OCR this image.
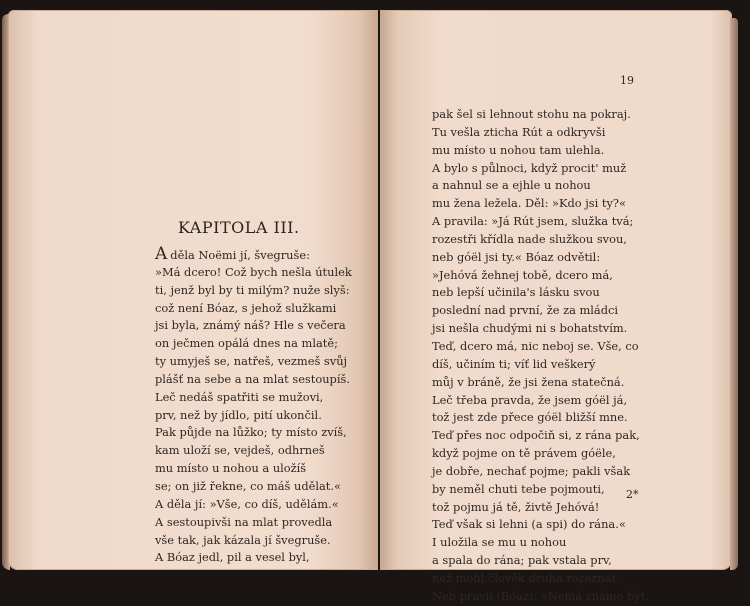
KAPITOLA III.
A děla Noëmi jí, švegruše:
»Má dcero! Což bych nešla útulek
ti, jenž byl by ti milým? nuže slyš:
což není Bóaz, s jehož služkami
jsi byla, známý náš? Hle s večera
on ječmen opálá dnes na mlatě;
ty umyješ se, natřeš, vezmeš svůj
plášť na sebe a na mlat sestoupíš.
Leč nedáš spatřiti se mužovi,
prv, než by jídlo, pití ukončil.
Pak půjde na lůžko; ty místo zvíš,
kam uloží se, vejdeš, odhrneš
mu místo u nohou a uložíš
se; on již řekne, co máš udělat.«
A děla jí: »Vše, co díš, udělám.«
A sestoupivši na mlat provedla
vše tak, jak kázala jí švegruše.
A Bóaz jedl, pil a vesel byl,
pak šel si lehnout stohu na pokraj.
Tu vešla zticha Rút a odkryvši
mu místo u nohou tam ulehla.
A bylo s půlnoci, když procit' muž
a nahnul se a ejhle u nohou
mu žena ležela. Děl: »Kdo jsi ty?«
A pravila: »Já Rút jsem, služka tvá;
rozestři křídla nade služkou svou,
neb góël jsi ty.« Bóaz odvětil:
»Jehóvá žehnej tobě, dcero má,
neb lepší učinila's lásku svou
poslední nad první, že za mládci
jsi nešla chudými ni s bohatstvím.
Teď, dcero má, nic neboj se. Vše, co
díš, učiním ti; víť lid veškerý
můj v bráně, že jsi žena statečná.
Leč třeba pravda, že jsem góël já,
tož jest zde přece góël bližší mne.
Teď přes noc odpočiň si, z rána pak,
když pojme on tě právem góële,
je dobře, nechať pojme; pakli však
by neměl chuti tebe pojmouti,
tož pojmu já tě, živtě Jehóvá!
Teď však si lehni (a spi) do rána.«
I uložila se mu u nohou
a spala do rána; pak vstala prv,
než mohl člověk druha rozeznat.
Neb pravil (Bóaz): »Nemá známo být,
19
2*
